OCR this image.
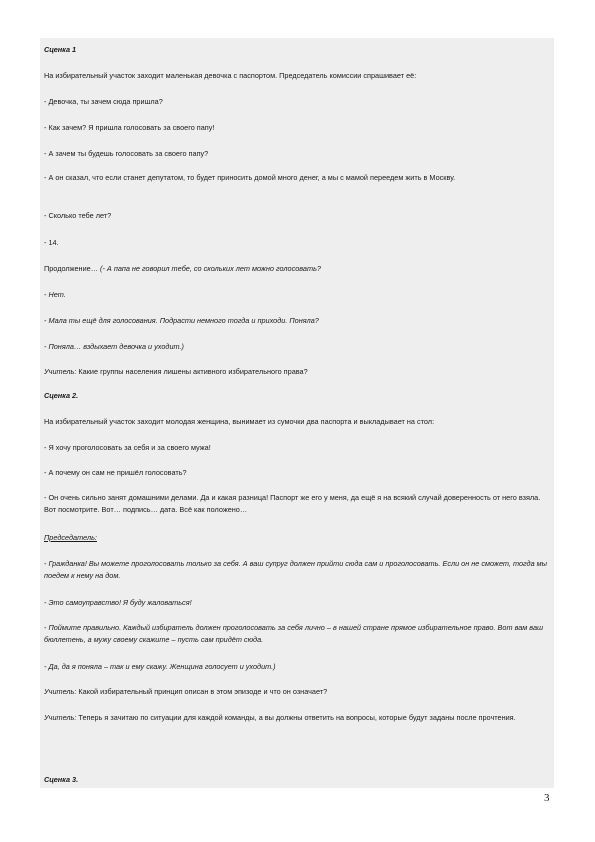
Сценка 1

На избирательный участок заходит маленькая девочка с паспортом. Председатель комиссии спрашивает её:

- Девочка, ты зачем сюда пришла?

- Как зачем? Я пришла голосовать за своего папу!

- А зачем ты будешь голосовать за своего папу?

- А он сказал, что если станет депутатом, то будет приносить домой много денег, а мы с мамой переедем жить в Москву.

- Сколько тебе лет?

- 14.

Продолжение… (- А папа не говорил тебе, со скольких лет можно голосовать?

- Нет.

- Мала ты ещё для голосования. Подрасти немного тогда и приходи. Поняла?

- Поняла… вздыхает девочка и уходит.)

Учитель: Какие группы населения лишены активного избирательного права?

Сценка 2.

На избирательный участок заходит молодая женщина, вынимает из сумочки два паспорта и выкладывает на стол:

- Я хочу проголосовать за себя и за своего мужа!

- А почему он сам не пришёл голосовать?

- Он очень сильно занят домашними делами. Да и какая разница! Паспорт же его у меня, да ещё я на всякий случай доверенность от него взяла. Вот посмотрите. Вот… подпись… дата. Всё как положено…

Председатель:

- Гражданка! Вы можете проголосовать только за себя. А ваш супруг должен прийти сюда сам и проголосовать. Если он не сможет, тогда мы поедем к нему на дом.

- Это самоуправство! Я буду жаловаться!

- Поймите правильно. Каждый избиратель должен проголосовать за себя лично – в нашей стране прямое избирательное право. Вот вам ваш бюллетень, а мужу своему скажите – пусть сам придёт сюда.

- Да, да я поняла – так и ему скажу. Женщина голосует и уходит.)

Учитель: Какой избирательный принцип описан в этом эпизоде и что он означает?

Учитель: Теперь я зачитаю по ситуации для каждой команды, а вы должны ответить на вопросы, которые будут заданы после прочтения.

Сценка 3.

3
